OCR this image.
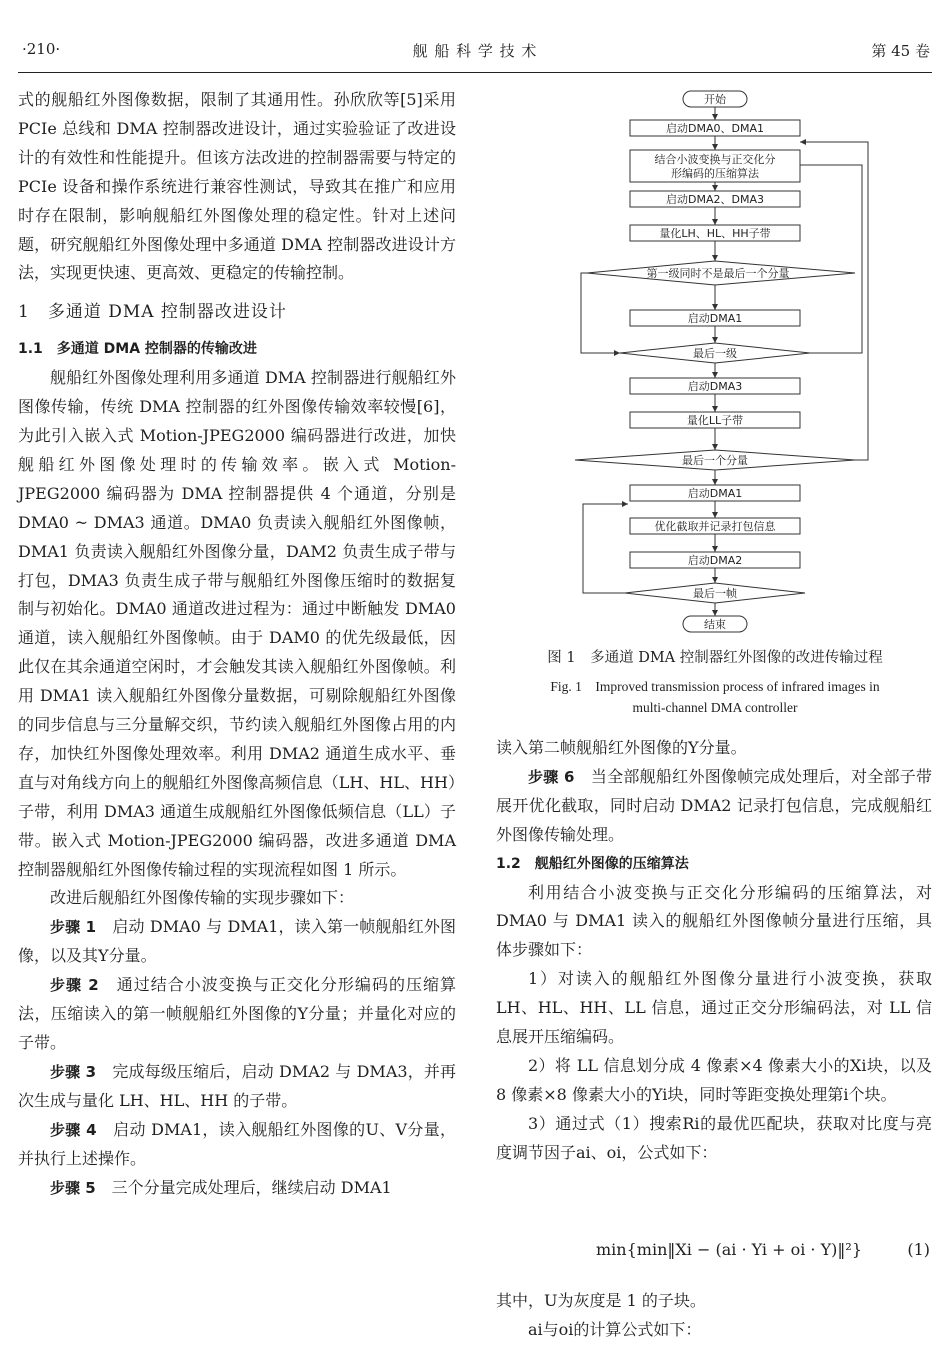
·210·	舰 船 科 学 技 术	第 45 卷

式的舰船红外图像数据，限制了其通用性。孙欣欣等[5]采用 PCIe 总线和 DMA 控制器改进设计，通过实验验证了改进设计的有效性和性能提升。但该方法改进的控制器需要与特定的 PCIe 设备和操作系统进行兼容性测试，导致其在推广和应用时存在限制，影响舰船红外图像处理的稳定性。针对上述问题，研究舰船红外图像处理中多通道 DMA 控制器改进设计方法，实现更快速、更高效、更稳定的传输控制。

1　多通道 DMA 控制器改进设计

1.1　多通道 DMA 控制器的传输改进

舰船红外图像处理利用多通道 DMA 控制器进行舰船红外图像传输，传统 DMA 控制器的红外图像传输效率较慢[6]，为此引入嵌入式 Motion-JPEG2000 编码器进行改进，加快舰船红外图像处理时的传输效率。嵌入式 Motion-JPEG2000 编码器为 DMA 控制器提供 4 个通道，分别是 DMA0 ~ DMA3 通道。DMA0 负责读入舰船红外图像帧，DMA1 负责读入舰船红外图像分量，DAM2 负责生成子带与打包，DMA3 负责生成子带与舰船红外图像压缩时的数据复制与初始化。DMA0 通道改进过程为：通过中断触发 DMA0 通道，读入舰船红外图像帧。由于 DAM0 的优先级最低，因此仅在其余通道空闲时，才会触发其读入舰船红外图像帧。利用 DMA1 读入舰船红外图像分量数据，可剔除舰船红外图像的同步信息与三分量解交织，节约读入舰船红外图像占用的内存，加快红外图像处理效率。利用 DMA2 通道生成水平、垂直与对角线方向上的舰船红外图像高频信息（LH、HL、HH）子带，利用 DMA3 通道生成舰船红外图像低频信息（LL）子带。嵌入式 Motion-JPEG2000 编码器，改进多通道 DMA 控制器舰船红外图像传输过程的实现流程如图 1 所示。

改进后舰船红外图像传输的实现步骤如下：

步骤 1　启动 DMA0 与 DMA1，读入第一帧舰船红外图像，以及其Y分量。

步骤 2　通过结合小波变换与正交化分形编码的压缩算法，压缩读入的第一帧舰船红外图像的Y分量；并量化对应的子带。

步骤 3　完成每级压缩后，启动 DMA2 与 DMA3，并再次生成与量化 LH、HL、HH 的子带。

步骤 4　启动 DMA1，读入舰船红外图像的U、V分量，并执行上述操作。

步骤 5　三个分量完成处理后，继续启动 DMA1

开始
启动DMA0、DMA1
结合小波变换与正交化分
形编码的压缩算法
启动DMA2、DMA3
量化LH、HL、HH子带
第一级同时不是最后一个分量
启动DMA1
最后一级
启动DMA3
量化LL子带
最后一个分量
启动DMA1
优化截取并记录打包信息
启动DMA2
最后一帧
结束
图 1　多通道 DMA 控制器红外图像的改进传输过程
Fig. 1　Improved transmission process of infrared images in
multi-channel DMA controller

读入第二帧舰船红外图像的Y分量。

步骤 6　当全部舰船红外图像帧完成处理后，对全部子带展开优化截取，同时启动 DMA2 记录打包信息，完成舰船红外图像传输处理。

1.2　舰船红外图像的压缩算法

利用结合小波变换与正交化分形编码的压缩算法，对 DMA0 与 DMA1 读入的舰船红外图像帧分量进行压缩，具体步骤如下：

1）对读入的舰船红外图像分量进行小波变换，获取 LH、HL、HH、LL 信息，通过正交分形编码法，对 LL 信息展开压缩编码。

2）将 LL 信息划分成 4 像素×4 像素大小的Xi块，以及 8 像素×8 像素大小的Yi块，同时等距变换处理第i个块。

3）通过式（1）搜索Ri的最优匹配块，获取对比度与亮度调节因子ai、oi，公式如下：

min{min‖Xi − (ai · Yi + oi · Y)‖²}	(1)

其中，U为灰度是 1 的子块。

ai与oi的计算公式如下：
